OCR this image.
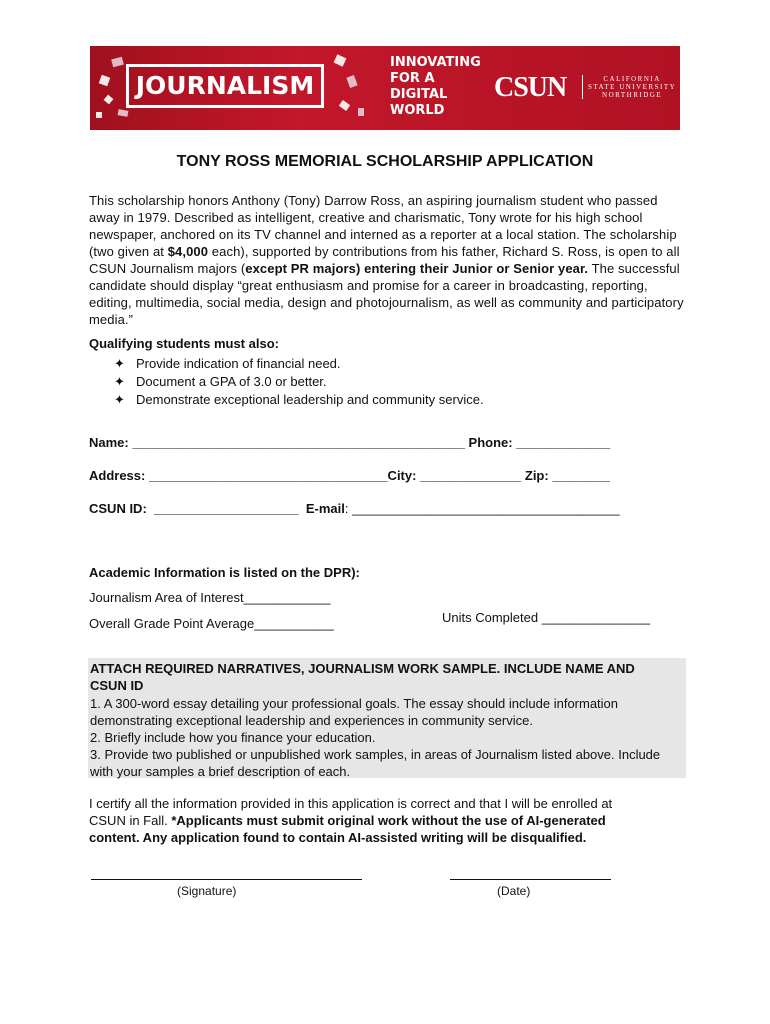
JOURNALISM
INNOVATING
FOR A
DIGITAL
WORLD
CSUN	CALIFORNIA
STATE UNIVERSITY
NORTHRIDGE
TONY ROSS MEMORIAL SCHOLARSHIP APPLICATION
This scholarship honors Anthony (Tony) Darrow Ross, an aspiring journalism student who passed away in 1979. Described as intelligent, creative and charismatic, Tony wrote for his high school newspaper, anchored on its TV channel and interned as a reporter at a local station. The scholarship (two given at $4,000 each), supported by contributions from his father, Richard S. Ross, is open to all CSUN Journalism majors (except PR majors) entering their Junior or Senior year. The successful candidate should display “great enthusiasm and promise for a career in broadcasting, reporting, editing, multimedia, social media, design and photojournalism, as well as community and participatory media.”
Qualifying students must also:
✦ Provide indication of financial need.
✦ Document a GPA of 3.0 or better.
✦ Demonstrate exceptional leadership and community service.
Name: ______________________________________________ Phone: _____________
Address: _________________________________City: ______________ Zip: ________
CSUN ID:  ____________________  E-mail: _____________________________________
Academic Information is listed on the DPR):
Journalism Area of Interest____________
Overall Grade Point Average___________	Units Completed _______________
ATTACH REQUIRED NARRATIVES, JOURNALISM WORK SAMPLE. INCLUDE NAME AND CSUN ID
1. A 300-word essay detailing your professional goals. The essay should include information demonstrating exceptional leadership and experiences in community service.
2. Briefly include how you finance your education.
3. Provide two published or unpublished work samples, in areas of Journalism listed above. Include with your samples a brief description of each.
I certify all the information provided in this application is correct and that I will be enrolled at CSUN in Fall. *Applicants must submit original work without the use of AI-generated content. Any application found to contain AI-assisted writing will be disqualified.
(Signature)	(Date)
